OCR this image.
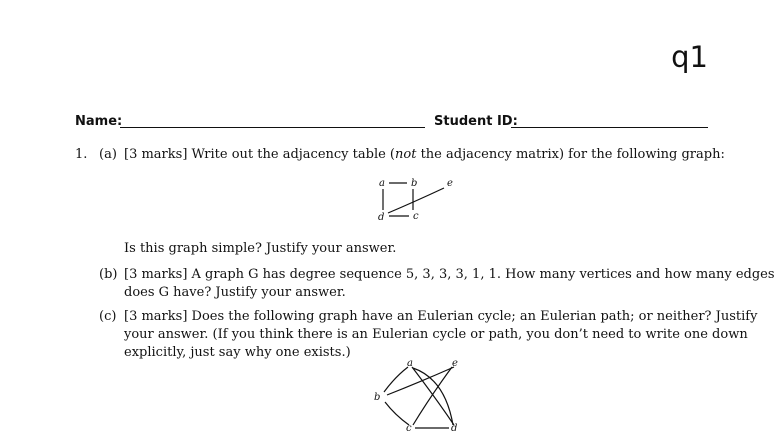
q1
Name:	Student ID:
1. (a) [3 marks] Write out the adjacency table (not the adjacency matrix) for the following graph:
a	b	e
d	c
Is this graph simple? Justify your answer.
(b) [3 marks] A graph G has degree sequence 5, 3, 3, 3, 1, 1. How many vertices and how many edges
does G have? Justify your answer.
(c) [3 marks] Does the following graph have an Eulerian cycle; an Eulerian path; or neither? Justify
your answer. (If you think there is an Eulerian cycle or path, you don’t need to write one down
explicitly, just say why one exists.)
a	e
b
c	d
